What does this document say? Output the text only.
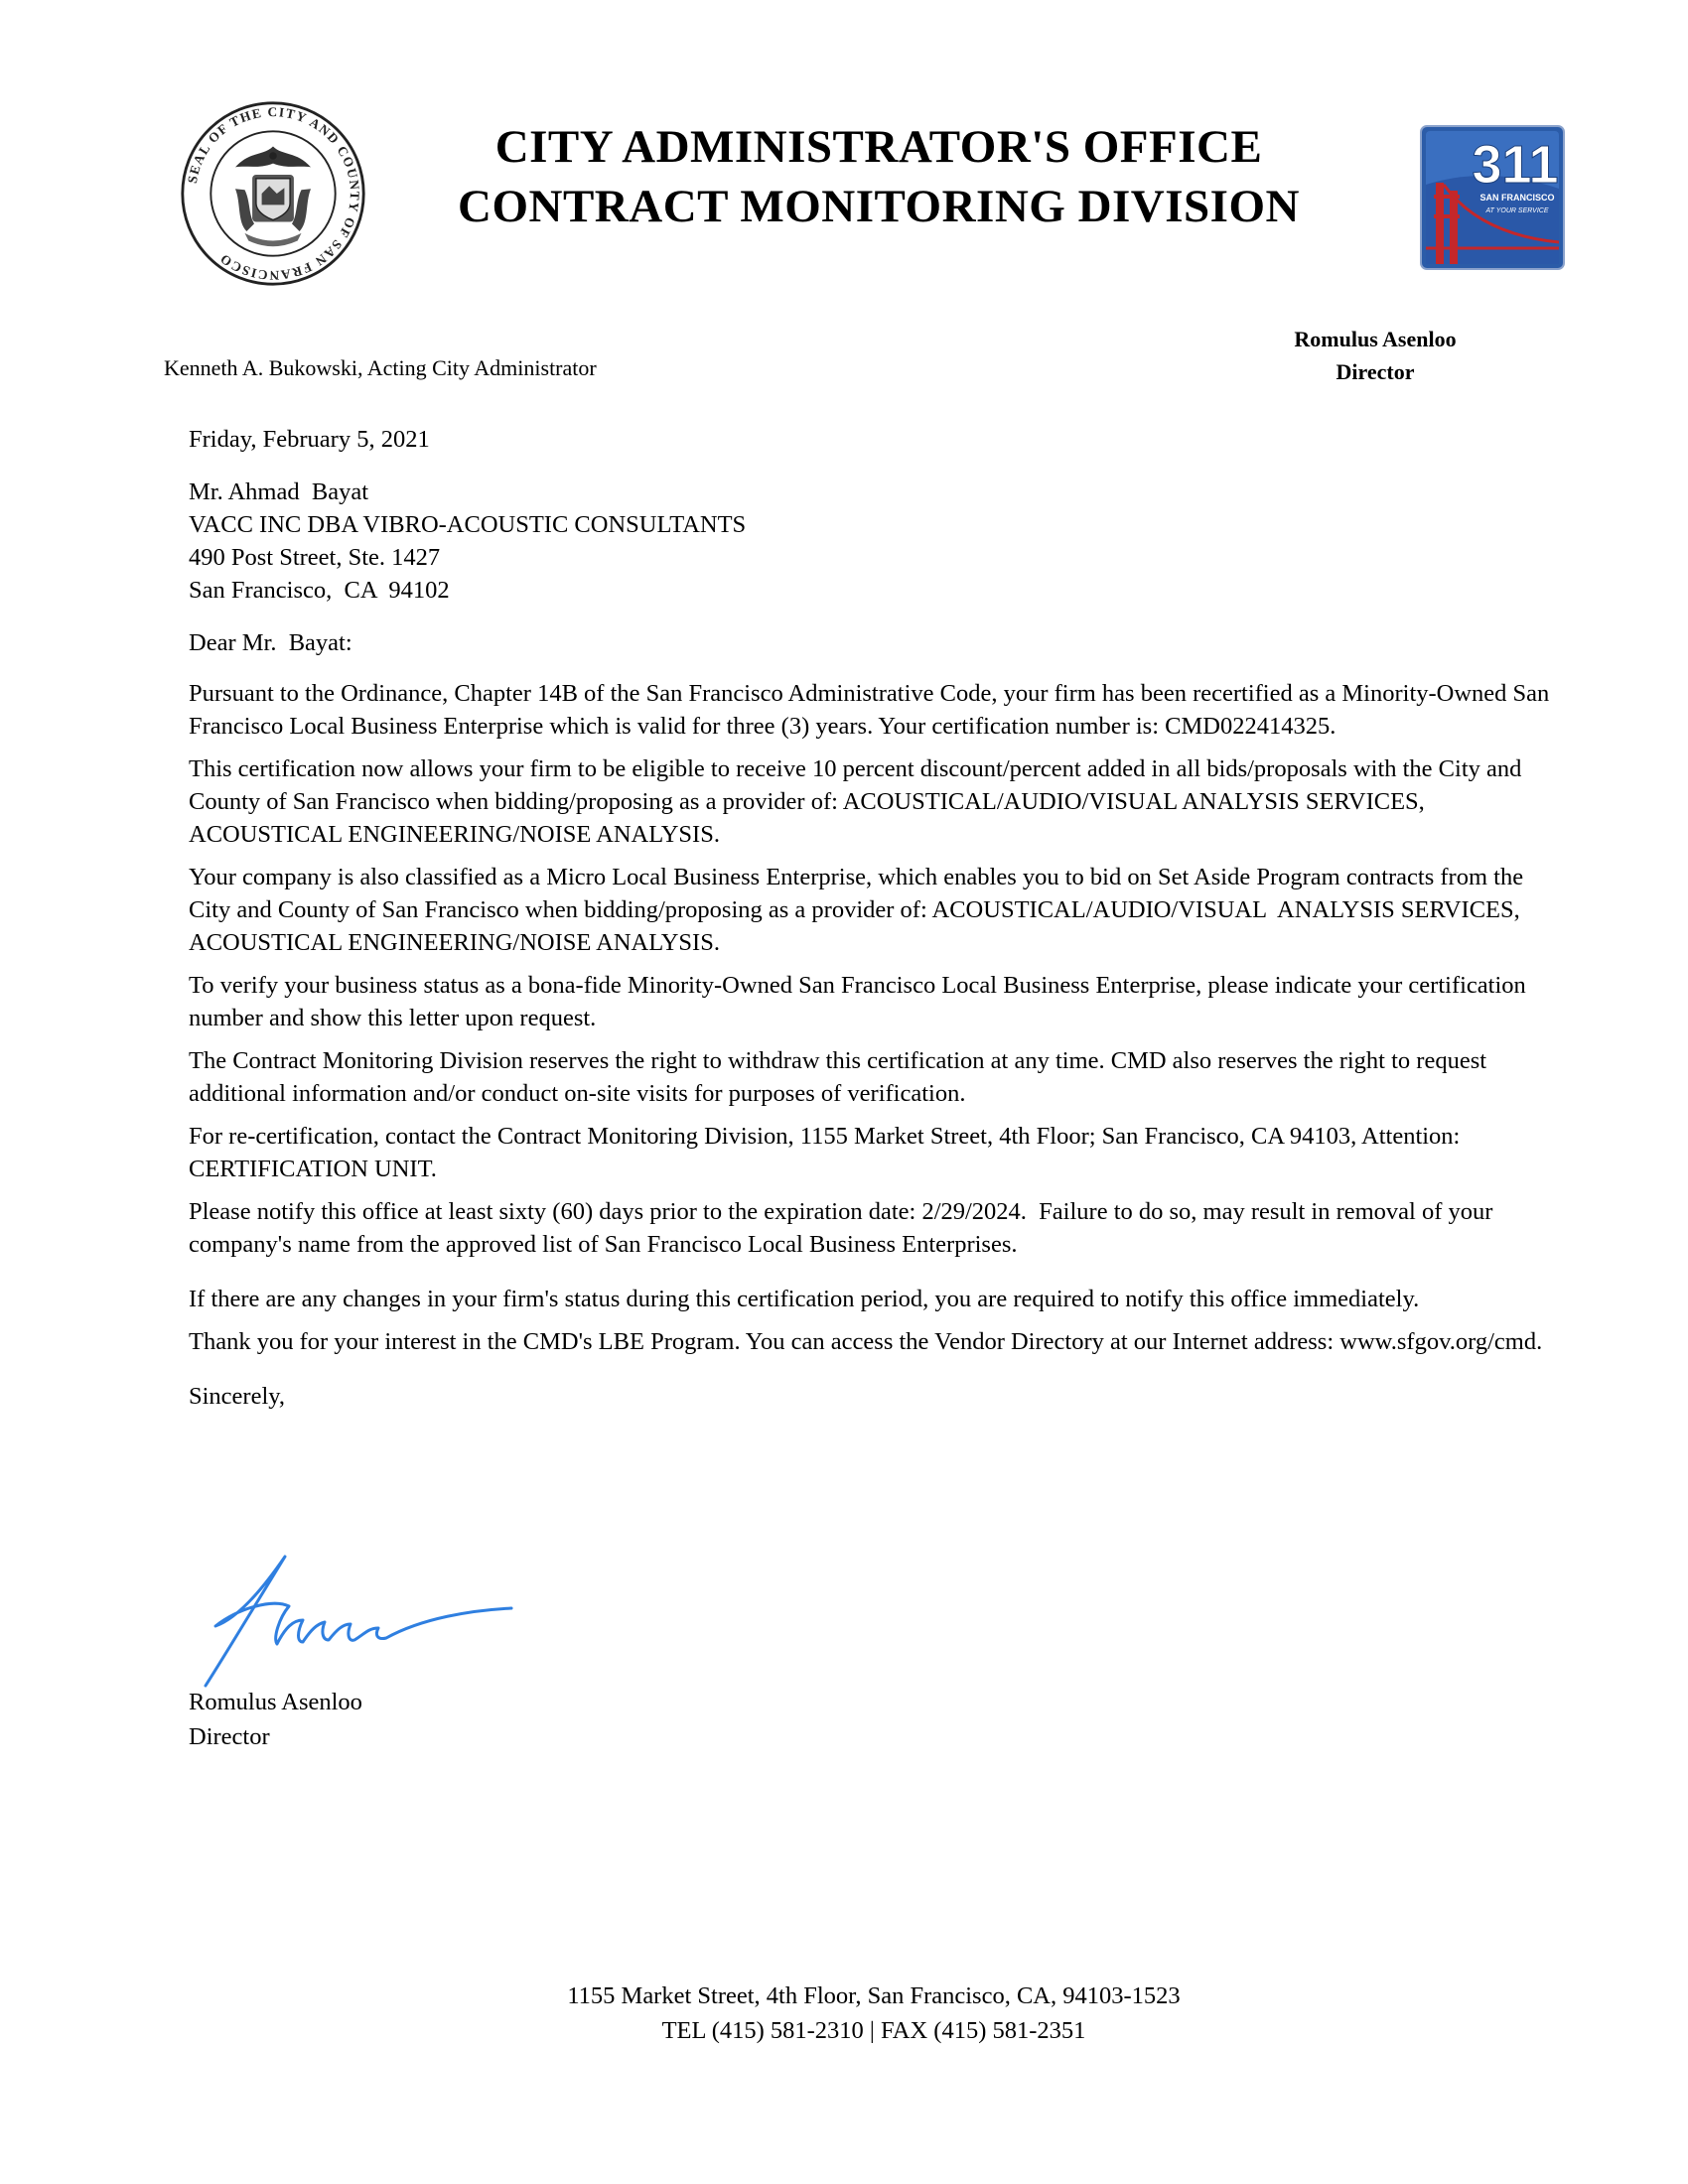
SEAL OF THE CITY AND COUNTY OF SAN FRANCISCO
311
SAN FRANCISCO
AT YOUR SERVICE
CITY ADMINISTRATOR'S OFFICE
CONTRACT MONITORING DIVISION
Kenneth A. Bukowski, Acting City Administrator
Romulus Asenloo
Director

Friday, February 5, 2021

Mr. Ahmad  Bayat
VACC INC DBA VIBRO-ACOUSTIC CONSULTANTS
490 Post Street, Ste. 1427
San Francisco,  CA  94102

Dear Mr.  Bayat:

Pursuant to the Ordinance, Chapter 14B of the San Francisco Administrative Code, your firm has been recertified as a Minority-Owned San Francisco Local Business Enterprise which is valid for three (3) years. Your certification number is: CMD022414325.

This certification now allows your firm to be eligible to receive 10 percent discount/percent added in all bids/proposals with the City and County of San Francisco when bidding/proposing as a provider of: ACOUSTICAL/AUDIO/VISUAL ANALYSIS SERVICES, ACOUSTICAL ENGINEERING/NOISE ANALYSIS.

Your company is also classified as a Micro Local Business Enterprise, which enables you to bid on Set Aside Program contracts from the City and County of San Francisco when bidding/proposing as a provider of: ACOUSTICAL/AUDIO/VISUAL  ANALYSIS SERVICES, ACOUSTICAL ENGINEERING/NOISE ANALYSIS.

To verify your business status as a bona-fide Minority-Owned San Francisco Local Business Enterprise, please indicate your certification number and show this letter upon request.

The Contract Monitoring Division reserves the right to withdraw this certification at any time. CMD also reserves the right to request additional information and/or conduct on-site visits for purposes of verification.

For re-certification, contact the Contract Monitoring Division, 1155 Market Street, 4th Floor; San Francisco, CA 94103, Attention: CERTIFICATION UNIT.

Please notify this office at least sixty (60) days prior to the expiration date: 2/29/2024.  Failure to do so, may result in removal of your company's name from the approved list of San Francisco Local Business Enterprises.

If there are any changes in your firm's status during this certification period, you are required to notify this office immediately.

Thank you for your interest in the CMD's LBE Program. You can access the Vendor Directory at our Internet address: www.sfgov.org/cmd.

Sincerely,

Romulus Asenloo
Director
1155 Market Street, 4th Floor, San Francisco, CA, 94103-1523
TEL (415) 581-2310 | FAX (415) 581-2351
